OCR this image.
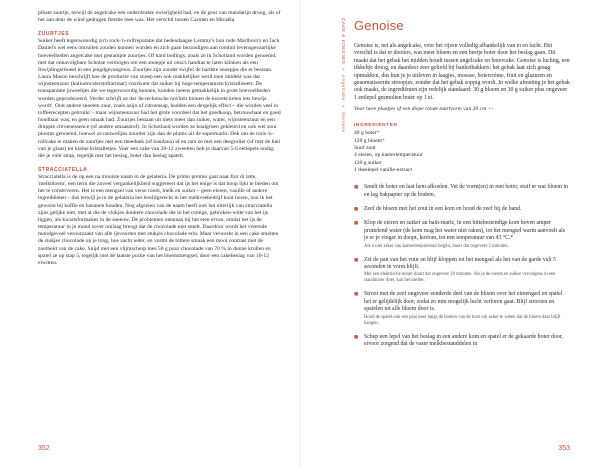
pikant suurtje, terwijl de angelcake een onderdrukte zwierigheid had, en de geur van mandarijn droog, als of het aan deur de wind gedragen fietsbe mee was. Het verschil tussen Carmen en Micaëla.

ZUURTJES

Suiker heeft tegenwoordig zo'n rock-'n-rolfreputatie dat hedendaagse Lemmy's hun rode Marlboro's en Jack Daniel's wel eens omruilen zouden kunnen worden en zich gaan bezondigen aan ronduit levensgevaarlijke hoeveelheden angelcake met gestampte zuurtjes. Of hard boilings, zoals ze in Schotland worden genoemd, met dat onnavolgbare Schotse vermogen om een snoepje uit oma's handtas te laten klinken als een Inwijdingsritueel in een jeugdgevangenis. Zuurtjes zijn zonder twijfel de hardste snoepjes die er bestaan. Laura Mason beschrijft hoe de productie van snoep een ook makkelijker werd toen ontdekt was dat wijnsteenzuur (kaliumwaterstoftartraat) voorkomt dat suiker bij hoge temperaturen kristalliseert. De transparante juweeltjes die we tegenwoordig kennen, konden ineens gemakkelijk in grote hoeveelheden worden geproduceerd. Verder schrijft ze dat 'de technische noviteit binnen de korrete keten iets bewijs wordt'. Ooit andere snoeten zuur, zoals azijn of citroensap, hadden een dergelijk effect – die worden veel in toffeerecepten gebruikt – maar wijnsteenzuur had het grote voordeel dat het goedkoop, betrouwbaar en goed houdbaar was, en geen smaak had. Zuurtjes bestaan uit niets meer dan suiker, water, wijnsteenzuur en een druppie citroenessence (of andere smaakstof). In Schotland worden ze knalgroen gekleurd en ook wel sour plooms genoemd, hoewel ze nauwelijks zuurder zijn dan de plums uit de supermarkt. Dek om de rock-'n-rollcake te maken de zuurtjes met een theedoek (of bandana) af en ram ze met een deegroller (of met de hiel van je glaas) tot kleine kristalletjes. Voer een cake van 20-12 zweetten heb je daarvan 5-6 eetlepels nodig; die je vóór strap, tegelijk met het beslag, boter dan beslag spatelt.

STRACCIATELLA

Stracciatella is de op een na mooiste naam in de gelateria. De primo premio gaat naar fior di latte, 'melkbloem', een term die zoveel vergankelijkheid suggereert dat ijs het enige is dat hoop lijkt te bieden om het te conserveren. Het is een mengsel van verse room, melk en suiker – geen eieren, vanille of andere ingrediënten – dus terwijl je in de gelateria het hoofdgerecht in het melkveebedrijf kunt horen, zou ik het gewoon bij koffie en bananen houden. Nog afgezien van de naam heeft ook het uiterlijk van stracciatella zijns gelijke niet, met al die de vlokjes donkere chocolade die in het romige, gebroken-witte van het ijs liggen, als kwartsformaties in de sneeuw. De problemen ontstaan bij het eten ervan, omdat het ijs de temperatuur in je mond sover omlaag brengt dat de chocolade niet smelt. Daardoor wordt het vreemde mondgevoel veroorzaakt van alle ijsvoorten met stukjes chocolade erin. Maar verwerkt in een cake smelten de stukjes chocolade op je tong, hoe zacht ieder, en vormt de bittere smaak een mooi contrast met de zoetheid van de cake. Snijd met een vlijmscherp mes 50 g puur chocolade van 70 % in dunne krullen en spatel ze op stap 5, tegelijk met de laatste portie van het bloemmengsel, door een cakebeslag van 10-12 eiwitten.

352
CAKE & KOEKJES » Angelcake » Genoise
Genoise

Genoise is, net als angelcake, voor het rijzen volledig afhankelijk van ei en lucht. Het verschil is dat er dooiers, wat meer bloem en een beetje boter door het beslag gaan. Dit maakt dat het gebak het midden houdt tussen angelcake en botercake. Genoise is luchtig, een tikkeltje droog, en daardoor zeer geliefd bij banketbakkers: het gebak laat zich graag opmukken, dus kun je je uitleven in laagjes, mousse, botercrème, fruit en glazuren en geaomatiseerde stroopjes, zonder dat het gebak soppig wordt. In welke afmeting je het gebak ook maakt, de ingrediënten zijn redelijk standaard: 30 g bloem en 30 g suiker plus ongeveer 1 eetlepel gesmolten boter op 1 ei.

Voor twee plaatjes of een diepe ronde taartvorm van 20 cm ++

INGREDIËNTEN
40 g boter*
120 g bloem*
Snuf zout
4 eieren, op kamertemperatuur
120 g suiker
1 theelepel vanille-extract
■ Smelt de boter en laat hem afkoelen. Vet de vorm(en) in met boter, stuif er wat bloem in en leg bakpapier op de bodem.

■ Zeef de bloem met het zout in een kom en houd de zeef bij de hand.

■ Klop de eieren en suiker au bain-marie, in een bittebestendige kom boven amper pruttelend water (de kom mag het water niet raken), tot het mengsel warm aanvoelt als je er je vinger in doopt, kortom, tot een temperatuur van 43 °C.*

Als u niet zeker van kamertemperatuur begint, duurt dat ongeveer 5 minuten.

■ Zet de pan van het vuur en blijf kloppen tot het mengsel als het van de garde valt 5 seconden in vorm blijft.

Met een elektrische mixer duurt dat ongeveer 10 minuten. Als je de eieren en suiker vervolgens in een standmixer doet, kan het sneller.

■ Strooi met de zeef ongeveer eenderde deel van de bloem over het eimengsel en spatel het er gelijdelijk door, zodat zo min mogelijk lucht verloren gaat. Blijf strooien en spatelen tot alle bloem door is.

Houd de spatel ook een paar keer langs de bodem van de kom om zeker te weten dat de bloem daar blijft hangen.

■ Schep een lepel van het beslag in een andere kom en spatel er de gekaarde boter door, ervoor zorgend dat de vaste melkbestanddelen in

353
